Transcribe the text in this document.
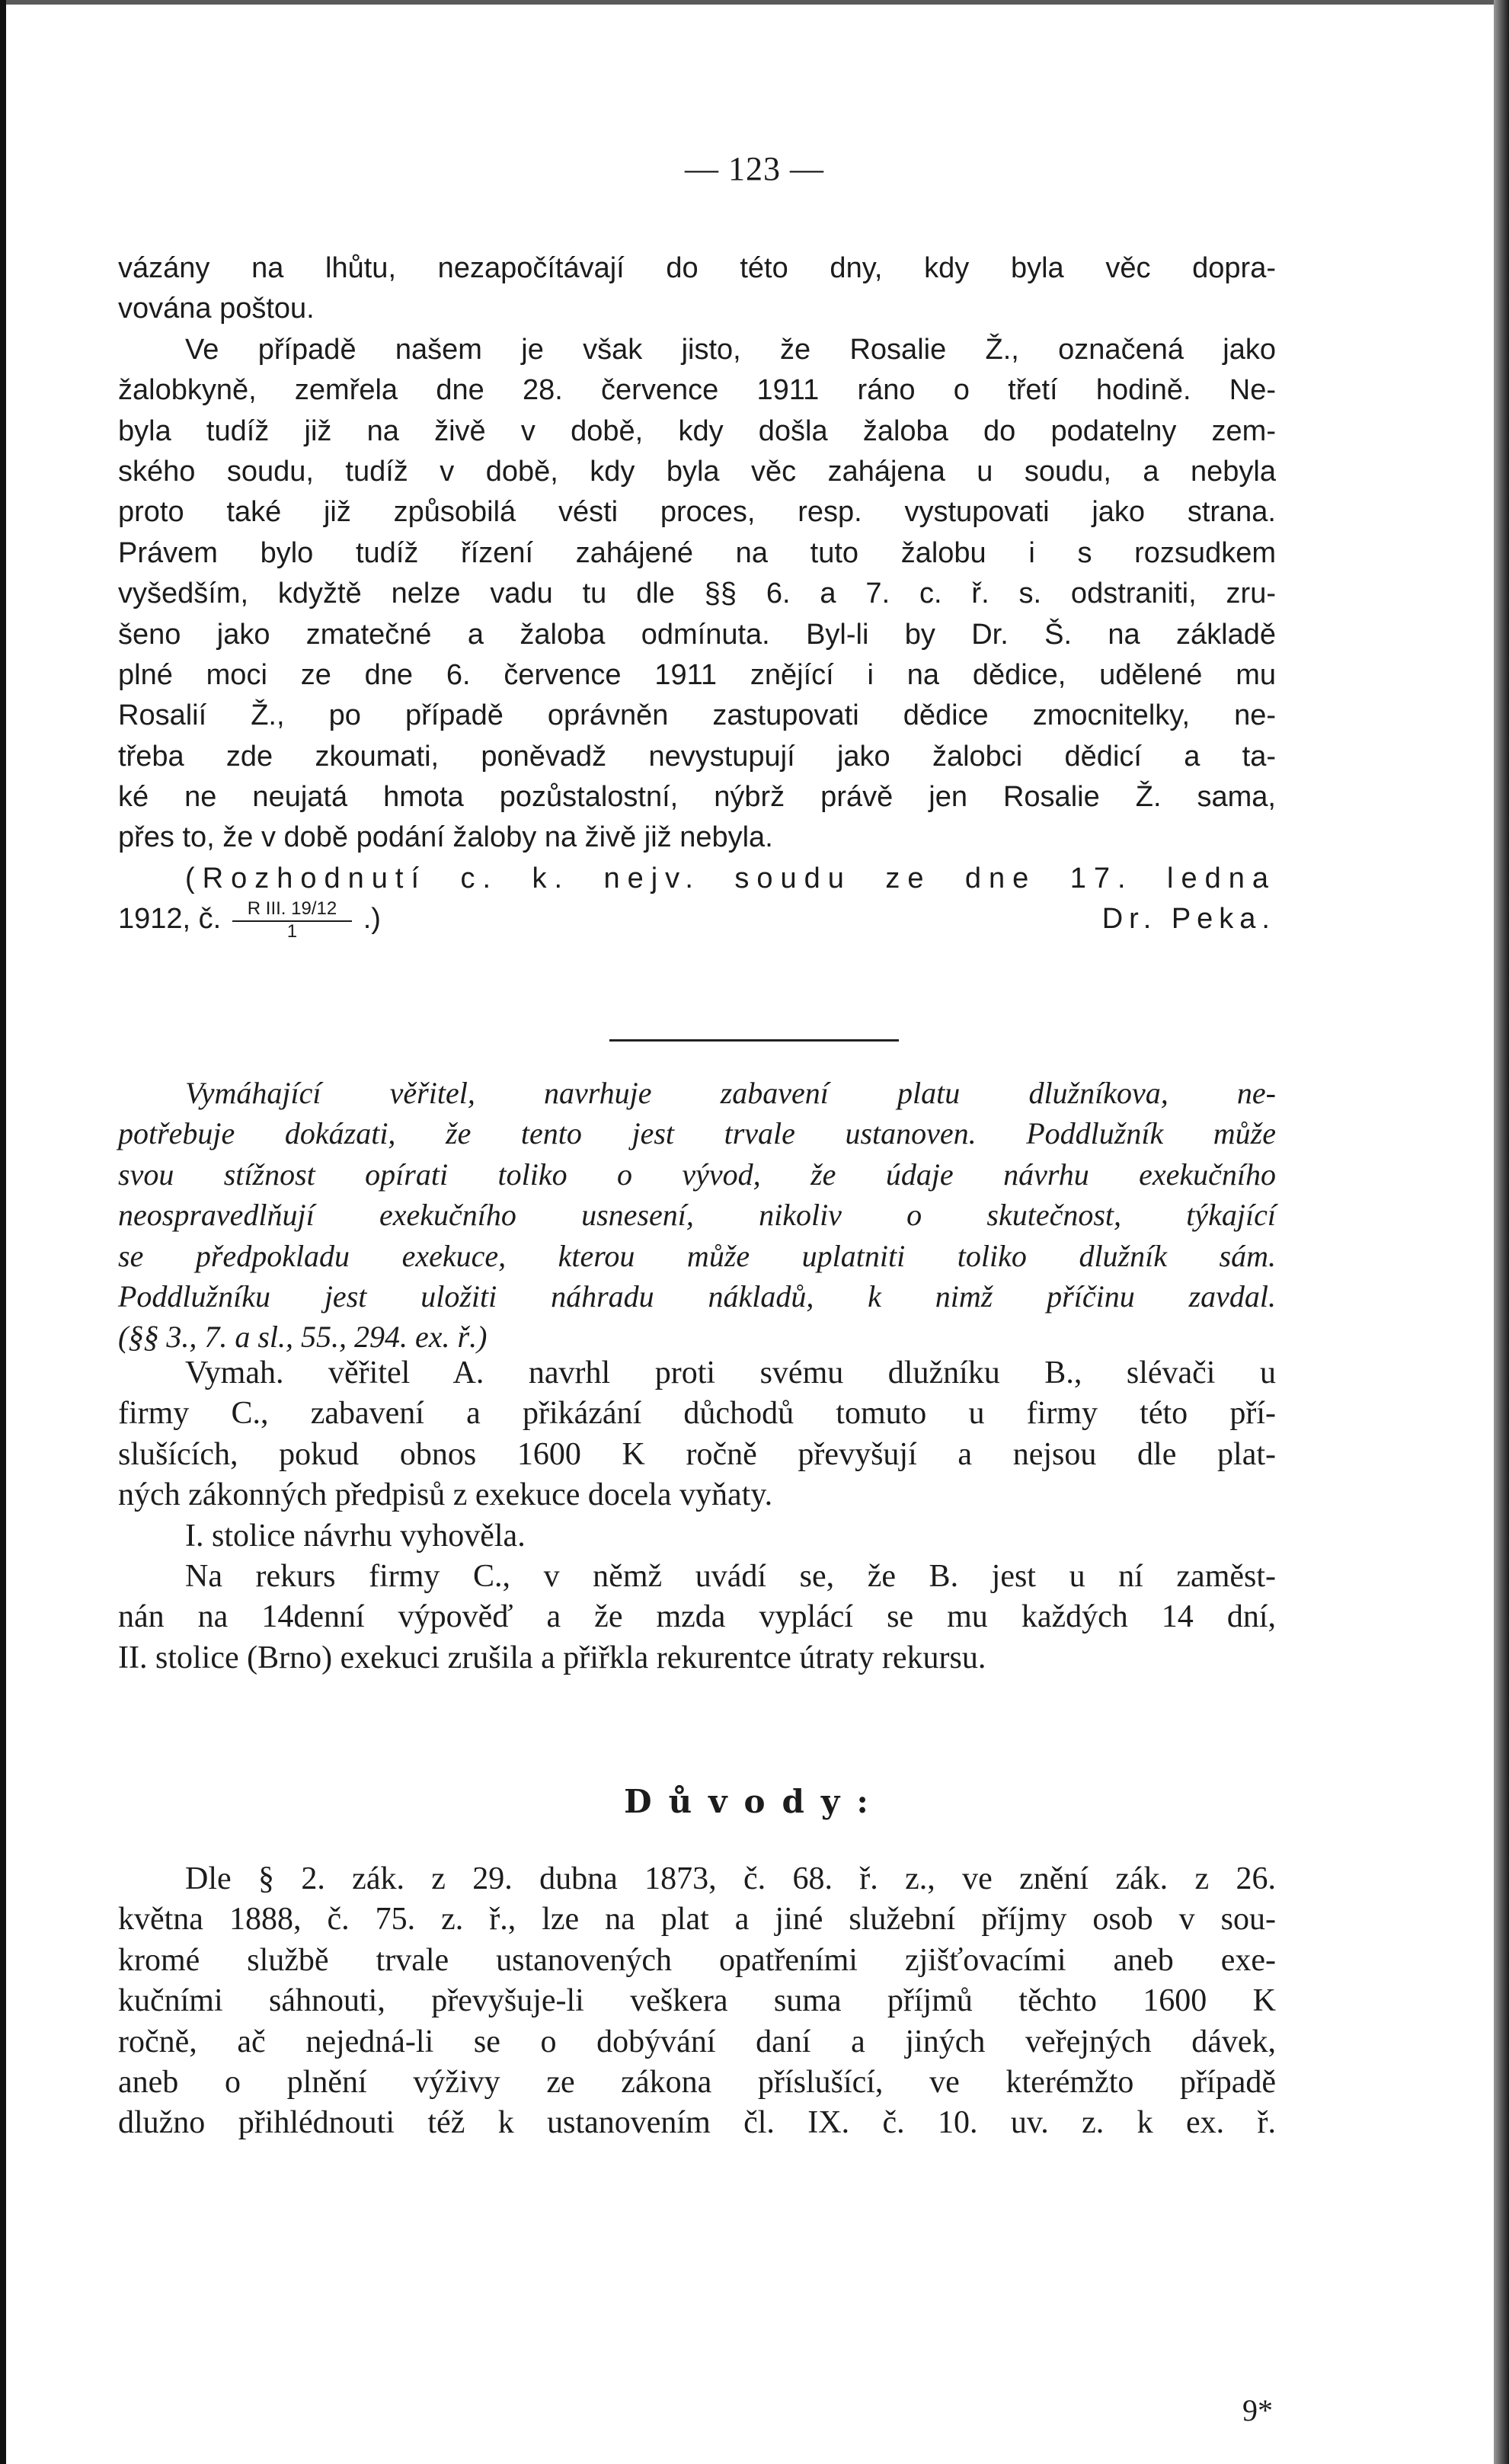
— 123 —
vázány na lhůtu, nezapočítávají do této dny, kdy byla věc dopra-
vována poštou.
Ve případě našem je však jisto, že Rosalie Ž., označená jako
žalobkyně, zemřela dne 28. července 1911 ráno o třetí hodině. Ne-
byla tudíž již na živě v době, kdy došla žaloba do podatelny zem-
ského soudu, tudíž v době, kdy byla věc zahájena u soudu, a nebyla
proto také již způsobilá vésti proces, resp. vystupovati jako strana.
Právem bylo tudíž řízení zahájené na tuto žalobu i s rozsudkem
vyšedším, kdyžtě nelze vadu tu dle §§ 6. a 7. c. ř. s. odstraniti, zru-
šeno jako zmatečné a žaloba odmínuta. Byl-li by Dr. Š. na základě
plné moci ze dne 6. července 1911 znějící i na dědice, udělené mu
Rosalií Ž., po případě oprávněn zastupovati dědice zmocnitelky, ne-
třeba zde zkoumati, poněvadž nevystupují jako žalobci dědicí a ta-
ké ne neujatá hmota pozůstalostní, nýbrž právě jen Rosalie Ž. sama,
přes to, že v době podání žaloby na živě již nebyla.
(Rozhodnutí c. k. nejv. soudu ze dne 17. ledna
1912, č. $\frac{\text{R III. 19/12}}{1}$ .)	Dr. Peka.
Vymáhající věřitel, navrhuje zabavení platu dlužníkova, ne-
potřebuje dokázati, že tento jest trvale ustanoven. Poddlužník může
svou stížnost opírati toliko o vývod, že údaje návrhu exekučního
neospravedlňují exekučního usnesení, nikoliv o skutečnost, týkající
se předpokladu exekuce, kterou může uplatniti toliko dlužník sám.
Poddlužníku jest uložiti náhradu nákladů, k nimž příčinu zavdal.
(§§ 3., 7. a sl., 55., 294. ex. ř.)
Vymah. věřitel A. navrhl proti svému dlužníku B., slévači u
firmy C., zabavení a přikázání důchodů tomuto u firmy této pří-
slušících, pokud obnos 1600 K ročně převyšují a nejsou dle plat-
ných zákonných předpisů z exekuce docela vyňaty.
I. stolice návrhu vyhověla.
Na rekurs firmy C., v němž uvádí se, že B. jest u ní zaměst-
nán na 14denní výpověď a že mzda vyplácí se mu každých 14 dní,
II. stolice (Brno) exekuci zrušila a přiřkla rekurentce útraty rekursu.
Důvody:
Dle § 2. zák. z 29. dubna 1873, č. 68. ř. z., ve znění zák. z 26.
května 1888, č. 75. z. ř., lze na plat a jiné služební příjmy osob v sou-
kromé službě trvale ustanovených opatřeními zjišťovacími aneb exe-
kučními sáhnouti, převyšuje-li veškera suma příjmů těchto 1600 K
ročně, ač nejedná-li se o dobývání daní a jiných veřejných dávek,
aneb o plnění výživy ze zákona příslušící, ve kterémžto případě
dlužno přihlédnouti též k ustanovením čl. IX. č. 10. uv. z. k ex. ř.
9*
